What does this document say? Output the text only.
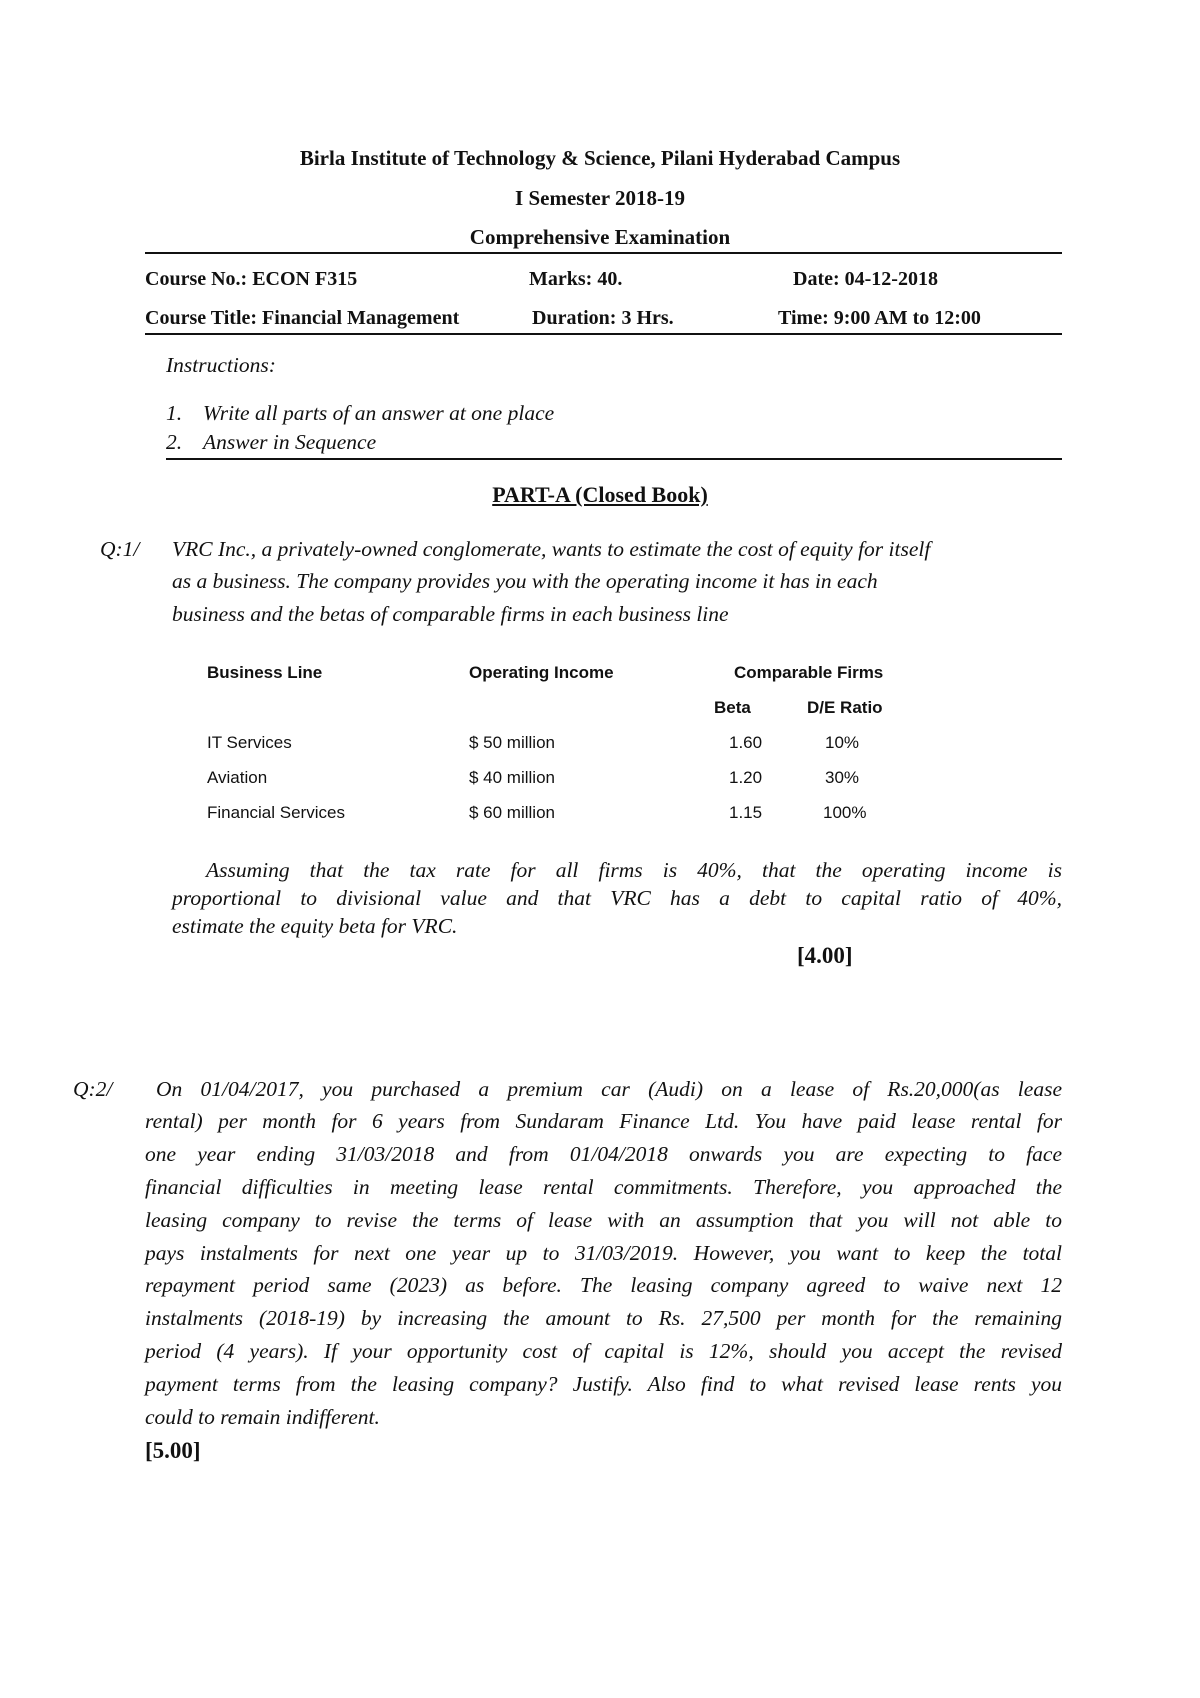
Birla Institute of Technology & Science, Pilani Hyderabad Campus
I Semester 2018-19
Comprehensive Examination
Course No.: ECON F315	Marks: 40.	Date: 04-12-2018
Course Title: Financial Management	Duration: 3 Hrs.	Time: 9:00 AM to 12:00
Instructions:
1. Write all parts of an answer at one place
2. Answer in Sequence
PART-A (Closed Book)
Q:1/ VRC Inc., a privately-owned conglomerate, wants to estimate the cost of equity for itself
as a business. The company provides you with the operating income it has in each
business and the betas of comparable firms in each business line
Business Line	Operating Income	Comparable Firms
Beta	D/E Ratio
IT Services	$ 50 million	1.60	10%
Aviation	$ 40 million	1.20	30%
Financial Services	$ 60 million	1.15	100%
Assuming that the tax rate for all firms is 40%, that the operating income is
proportional to divisional value and that VRC has a debt to capital ratio of 40%,
estimate the equity beta for VRC.
[4.00]
Q:2/ On 01/04/2017, you purchased a premium car (Audi) on a lease of Rs.20,000(as lease
rental) per month for 6 years from Sundaram Finance Ltd. You have paid lease rental for
one year ending 31/03/2018 and from 01/04/2018 onwards you are expecting to face
financial difficulties in meeting lease rental commitments. Therefore, you approached the
leasing company to revise the terms of lease with an assumption that you will not able to
pays instalments for next one year up to 31/03/2019. However, you want to keep the total
repayment period same (2023) as before. The leasing company agreed to waive next 12
instalments (2018-19) by increasing the amount to Rs. 27,500 per month for the remaining
period (4 years). If your opportunity cost of capital is 12%, should you accept the revised
payment terms from the leasing company? Justify. Also find to what revised lease rents you
could to remain indifferent.
[5.00]
